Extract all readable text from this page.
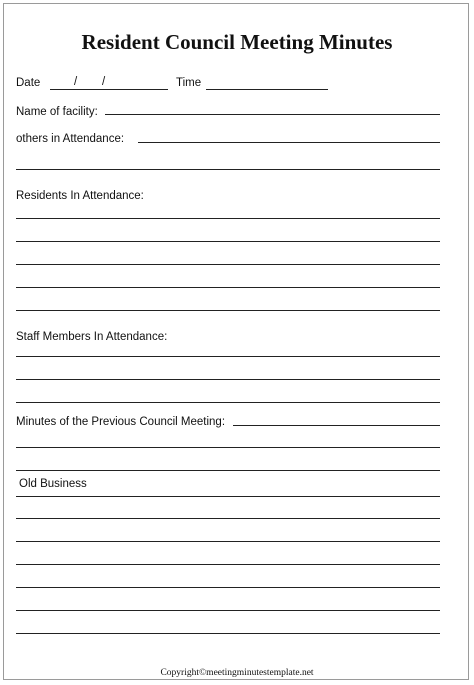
Resident Council Meeting Minutes
Date	/ /	Time
Name of facility:
others in Attendance:
Residents In Attendance:
Staff Members In Attendance:
Minutes of the Previous Council Meeting:
Old Business
Copyright©meetingminutestemplate.net
